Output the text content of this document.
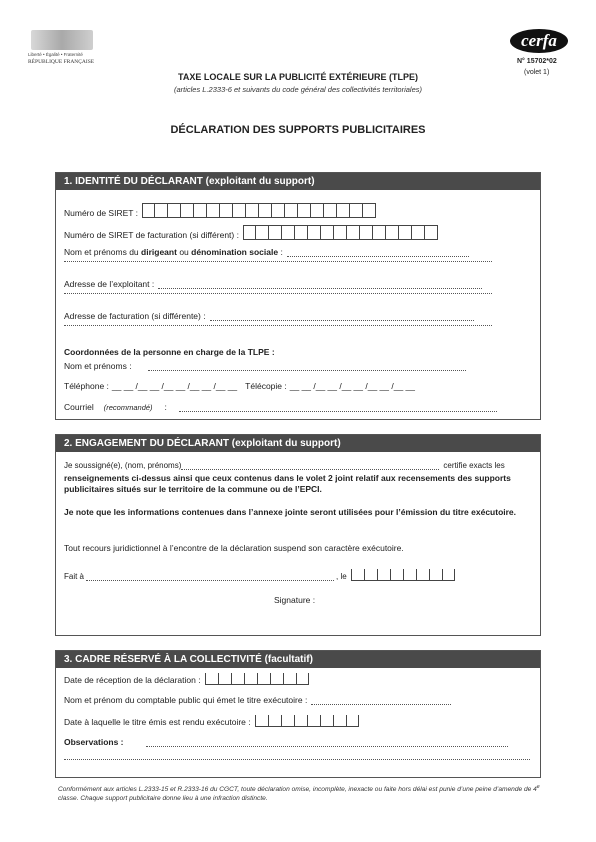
Liberté • Égalité • Fraternité
RÉPUBLIQUE FRANÇAISE
cerfa
N° 15702*02
(volet 1)
TAXE LOCALE SUR LA PUBLICITÉ EXTÉRIEURE (TLPE)
(articles L.2333-6 et suivants du code général des collectivités territoriales)
DÉCLARATION DES SUPPORTS PUBLICITAIRES
1. IDENTITÉ DU DÉCLARANT (exploitant du support)
Numéro de SIRET :
Numéro de SIRET de facturation (si différent) :
Nom et prénoms du
dirigeant
ou
dénomination sociale
:
Adresse de l’exploitant :
Adresse de facturation (si différente) :
Coordonnées de la personne en charge de la TLPE :
Nom et prénoms :
Téléphone : __ __ /__ __ /__ __ /__ __ /__ __ Télécopie : __ __ /__ __ /__ __ /__ __ /__ __
Courriel (recommandé) :
2. ENGAGEMENT DU DÉCLARANT (exploitant du support)
Je soussigné(e), (nom, prénoms)	certifie exacts les
renseignements ci-dessus ainsi que ceux contenus dans le volet 2 joint relatif aux recensements des supports publicitaires situés sur le territoire de la commune ou de l’EPCI.
Je note que les informations contenues dans l’annexe jointe seront utilisées pour l’émission du titre exécutoire.
Tout recours juridictionnel à l’encontre de la déclaration suspend son caractère exécutoire.
Fait à	, le
Signature :
3. CADRE RÉSERVÉ À LA COLLECTIVITÉ (facultatif)
Date de réception de la déclaration :
Nom et prénom du comptable public qui émet le titre exécutoire :
Date à laquelle le titre émis est rendu exécutoire :
Observations :
Conformément aux articles L.2333-15 et R.2333-16 du CGCT, toute déclaration omise, incomplète, inexacte ou faite hors délai est punie d’une peine d’amende de 4e classe. Chaque support publicitaire donne lieu à une infraction distincte.
